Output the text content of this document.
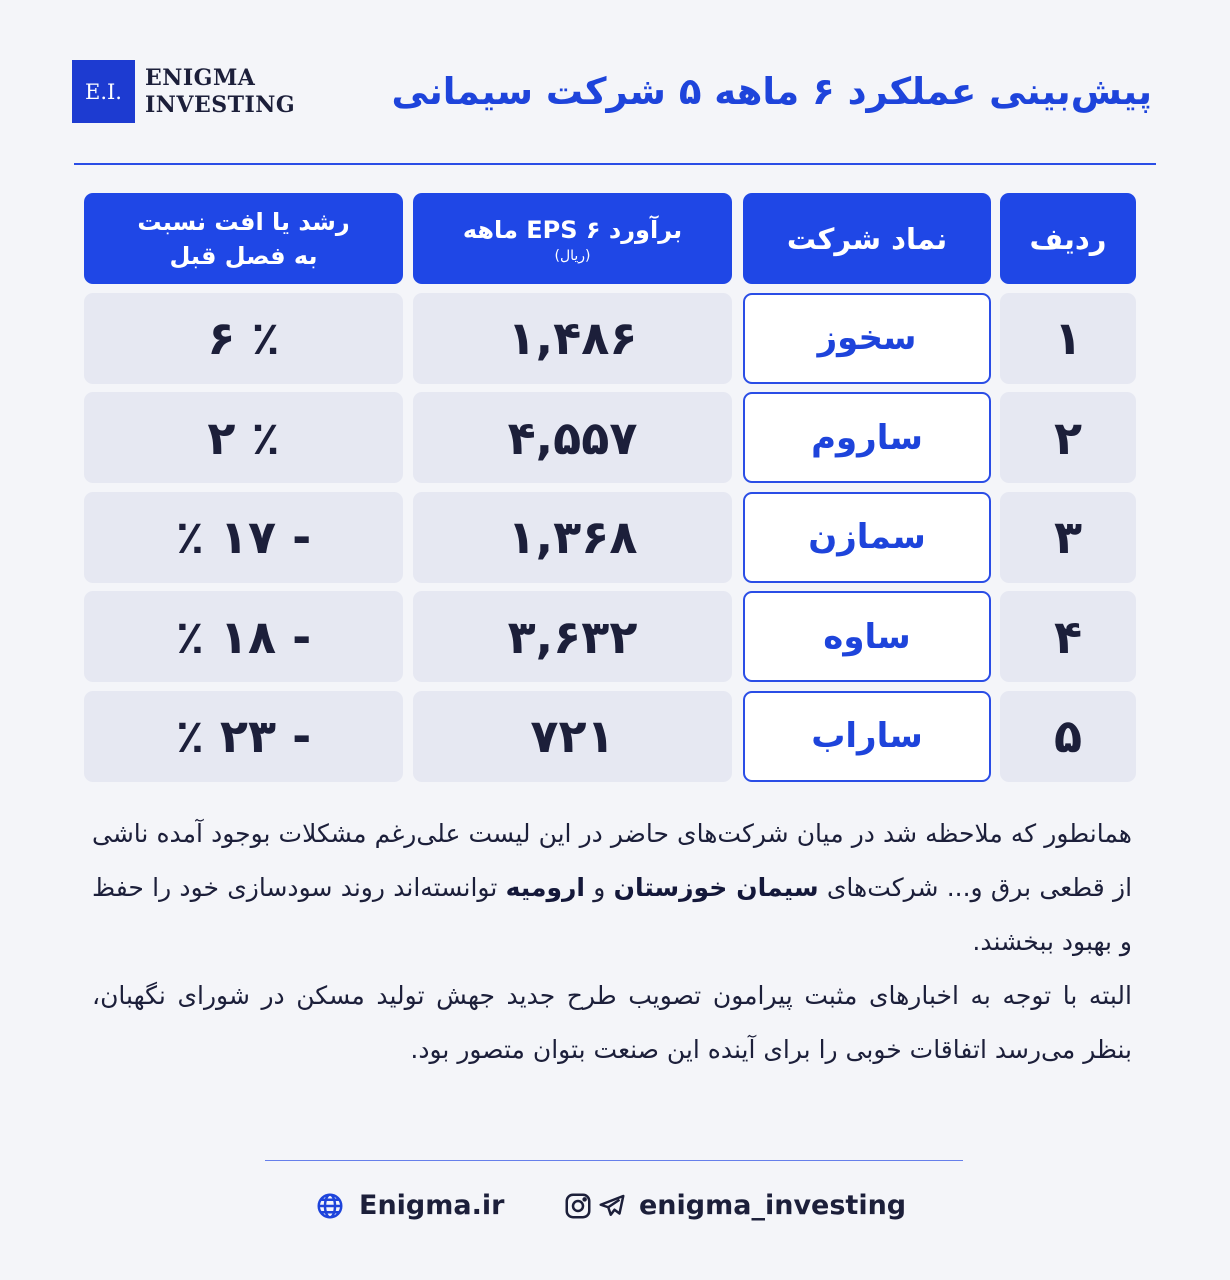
E.I.
ENIGMA
INVESTING	پیش‌بینی عملکرد ۶ ماهه ۵ شرکت سیمانی
ردیف
نماد شرکت
برآورد EPS ۶ ماهه
(ریال)
رشد یا افت نسبت
به فصل قبل
۱
سخوز
۱,۴۸۶
٪ ۶
۲
ساروم
۴,۵۵۷
٪ ۲
۳
سمازن
۱,۳۶۸
- ۱۷ ٪
۴
ساوه
۳,۶۳۲
- ۱۸ ٪
۵
ساراب
۷۲۱
- ۲۳ ٪
همانطور که ملاحظه شد در میان شرکت‌های حاضر در این لیست علی‌رغم مشکلات بوجود آمده ناشی از قطعی برق و... شرکت‌های سیمان خوزستان و ارومیه توانسته‌اند روند سودسازی خود را حفظ و بهبود ببخشند.
البته با توجه به اخبارهای مثبت پیرامون تصویب طرح جدید جهش تولید مسکن در شورای نگهبان، بنظر می‌رسد اتفاقات خوبی را برای آینده این صنعت بتوان متصور بود.
Enigma.ir	enigma_investing
